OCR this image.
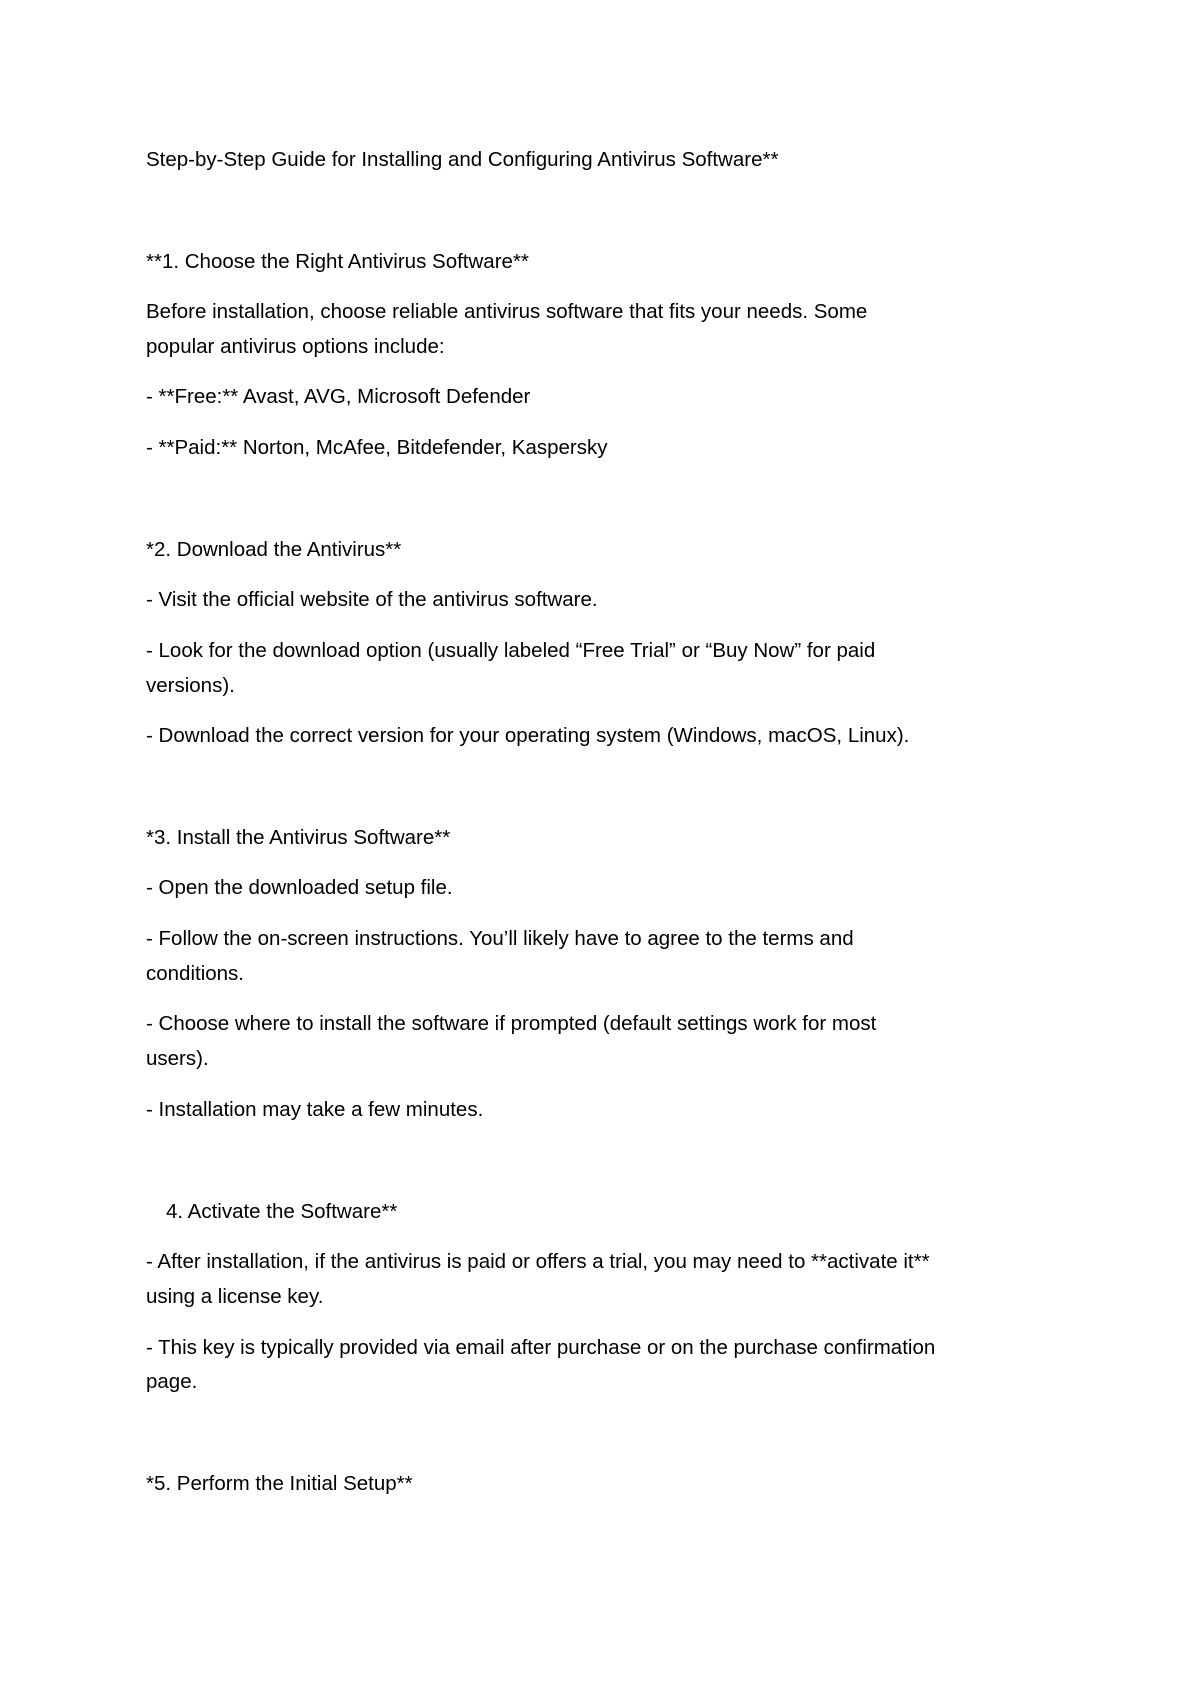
Step-by-Step Guide for Installing and Configuring Antivirus Software**

**1. Choose the Right Antivirus Software**

Before installation, choose reliable antivirus software that fits your needs. Some

popular antivirus options include:

- **Free:** Avast, AVG, Microsoft Defender

- **Paid:** Norton, McAfee, Bitdefender, Kaspersky

*2. Download the Antivirus**

- Visit the official website of the antivirus software.

- Look for the download option (usually labeled “Free Trial” or “Buy Now” for paid

versions).

- Download the correct version for your operating system (Windows, macOS, Linux).

*3. Install the Antivirus Software**

- Open the downloaded setup file.

- Follow the on-screen instructions. You’ll likely have to agree to the terms and

conditions.

- Choose where to install the software if prompted (default settings work for most

users).

- Installation may take a few minutes.

4. Activate the Software**

- After installation, if the antivirus is paid or offers a trial, you may need to **activate it**

using a license key.

- This key is typically provided via email after purchase or on the purchase confirmation

page.

*5. Perform the Initial Setup**
